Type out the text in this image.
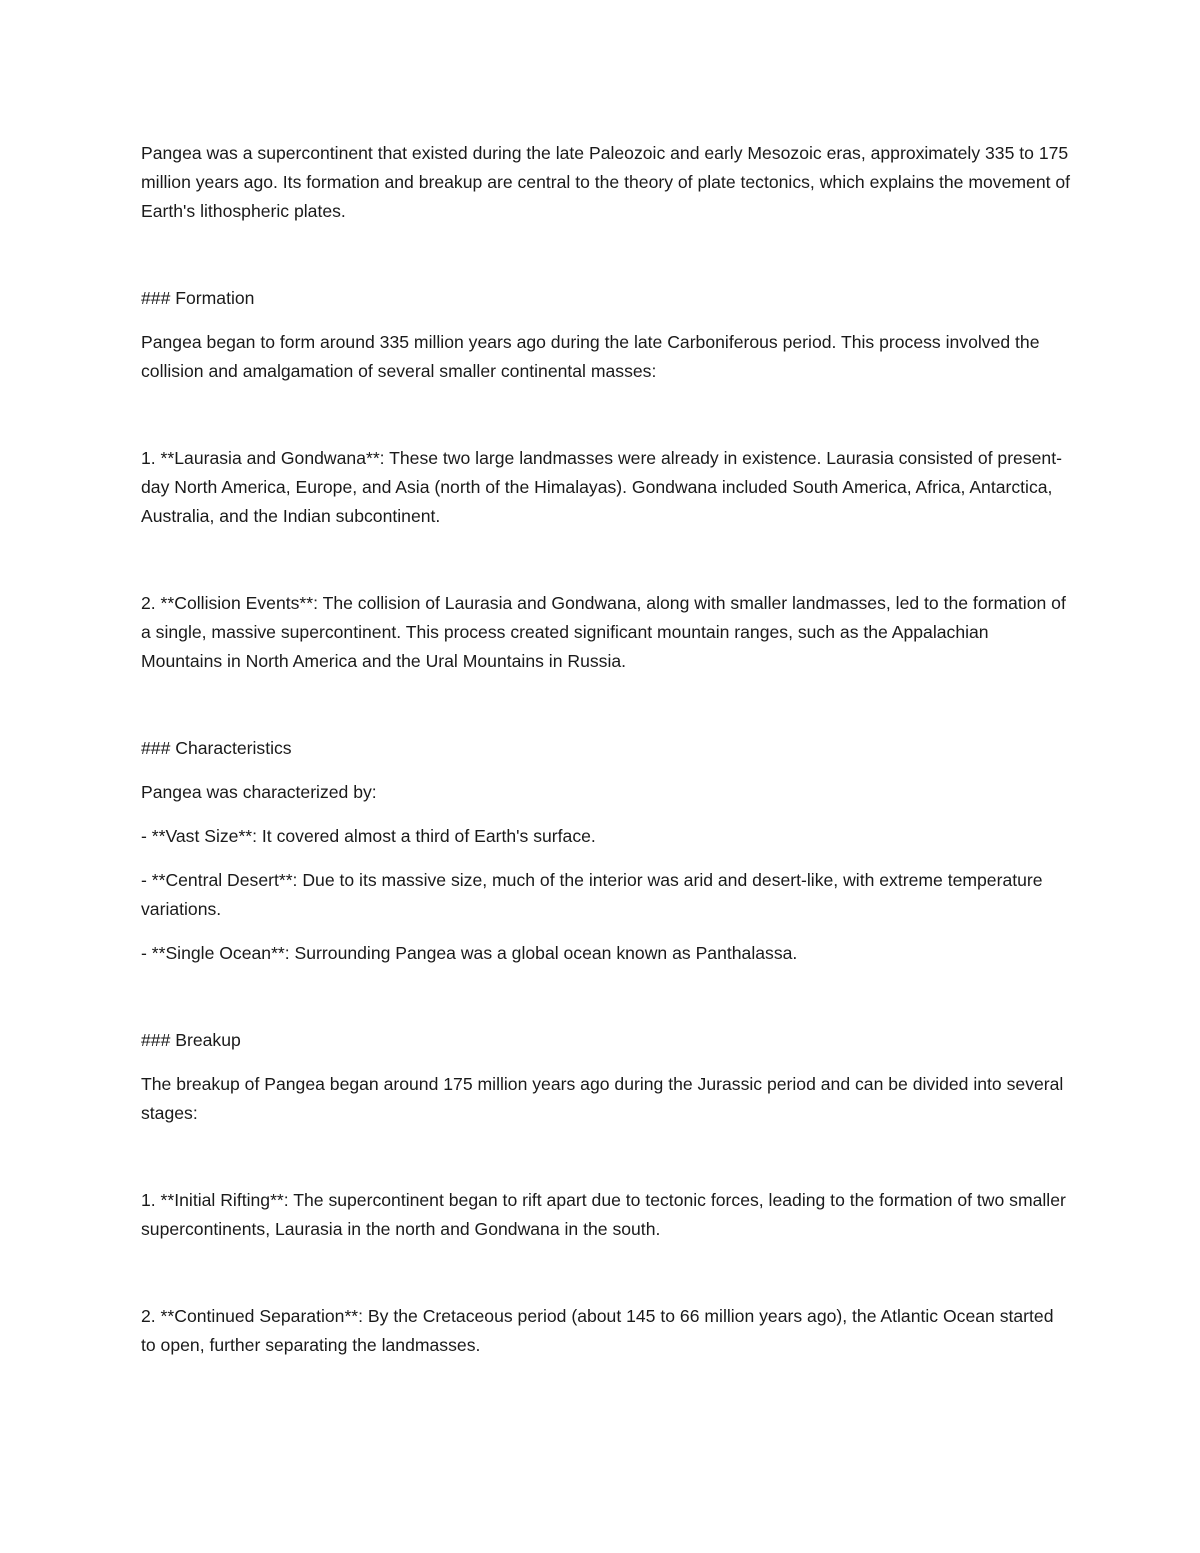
Pangea was a supercontinent that existed during the late Paleozoic and early Mesozoic eras, approximately 335 to 175 million years ago. Its formation and breakup are central to the theory of plate tectonics, which explains the movement of Earth's lithospheric plates.

### Formation

Pangea began to form around 335 million years ago during the late Carboniferous period. This process involved the collision and amalgamation of several smaller continental masses:

1. **Laurasia and Gondwana**: These two large landmasses were already in existence. Laurasia consisted of present-day North America, Europe, and Asia (north of the Himalayas). Gondwana included South America, Africa, Antarctica, Australia, and the Indian subcontinent.

2. **Collision Events**: The collision of Laurasia and Gondwana, along with smaller landmasses, led to the formation of a single, massive supercontinent. This process created significant mountain ranges, such as the Appalachian Mountains in North America and the Ural Mountains in Russia.

### Characteristics

Pangea was characterized by:

- **Vast Size**: It covered almost a third of Earth's surface.

- **Central Desert**: Due to its massive size, much of the interior was arid and desert-like, with extreme temperature variations.

- **Single Ocean**: Surrounding Pangea was a global ocean known as Panthalassa.

### Breakup

The breakup of Pangea began around 175 million years ago during the Jurassic period and can be divided into several stages:

1. **Initial Rifting**: The supercontinent began to rift apart due to tectonic forces, leading to the formation of two smaller supercontinents, Laurasia in the north and Gondwana in the south.

2. **Continued Separation**: By the Cretaceous period (about 145 to 66 million years ago), the Atlantic Ocean started to open, further separating the landmasses.
